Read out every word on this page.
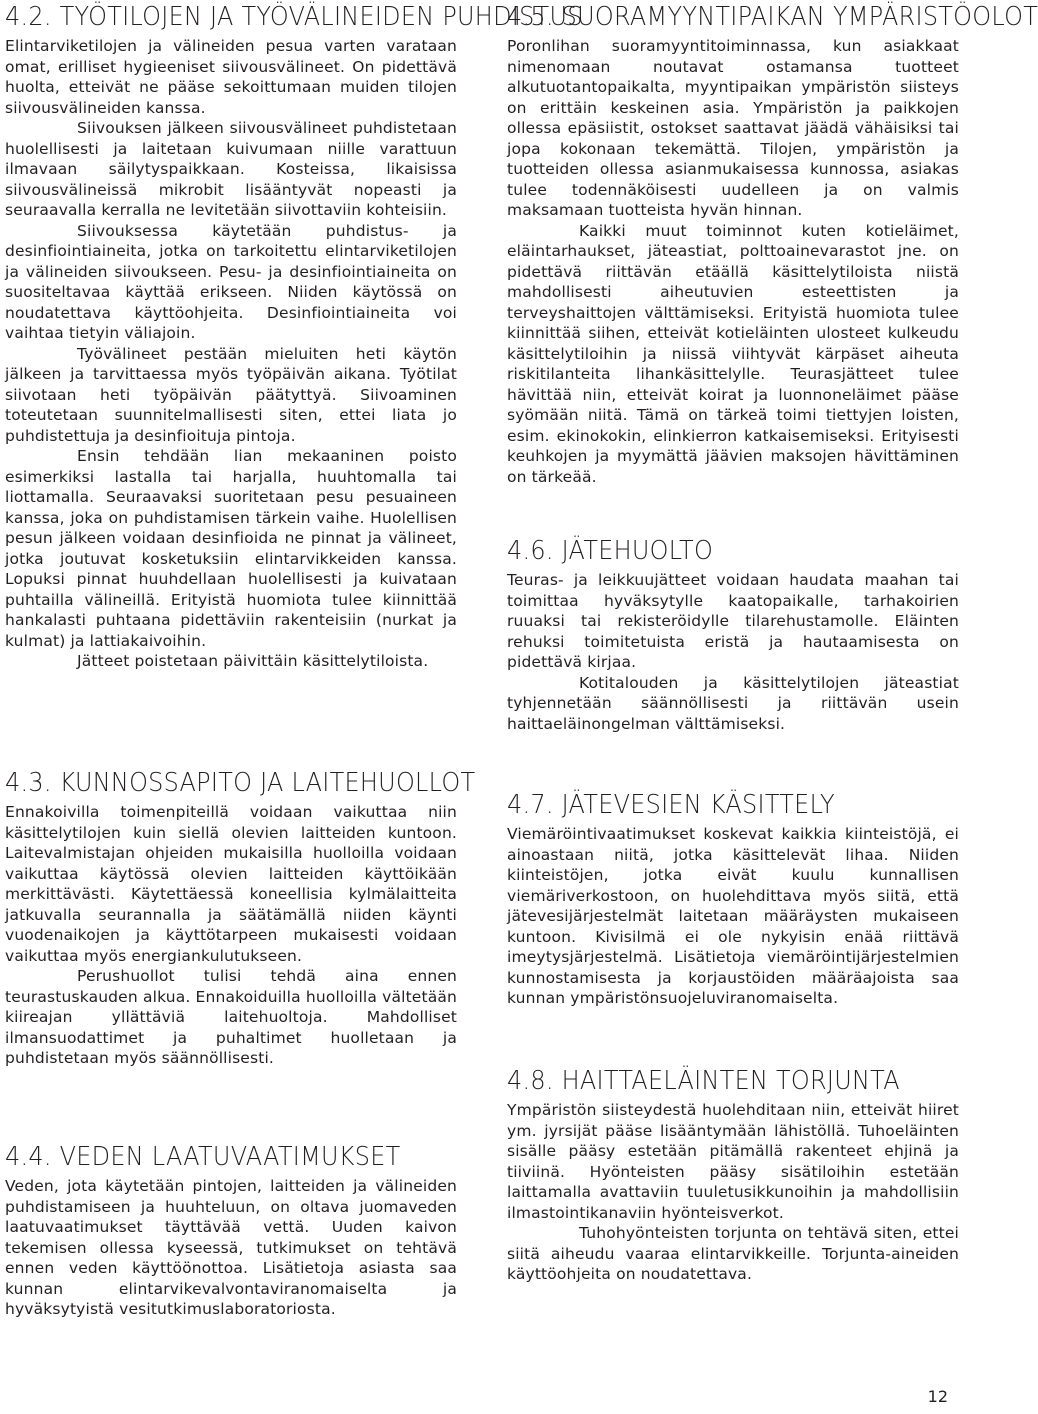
4.2. TYÖTILOJEN JA TYÖVÄLINEIDEN PUHDISTUS

Elintarviketilojen ja välineiden pesua varten varataan omat, erilliset hygieeniset siivousvälineet. On pidettävä huolta, etteivät ne pääse sekoittumaan muiden tilojen siivousvälineiden kanssa.

Siivouksen jälkeen siivousvälineet puhdistetaan huolellisesti ja laitetaan kuivumaan niille varattuun ilmavaan säilytyspaikkaan. Kosteissa, likaisissa siivousvälineissä mikrobit lisääntyvät nopeasti ja seuraavalla kerralla ne levitetään siivottaviin kohteisiin.

Siivouksessa käytetään puhdistus- ja desinfiointiaineita, jotka on tarkoitettu elintarviketilojen ja välineiden siivoukseen. Pesu- ja desinfiointiaineita on suositeltavaa käyttää erikseen. Niiden käytössä on noudatettava käyttöohjeita. Desinfiointiaineita voi vaihtaa tietyin väliajoin.

Työvälineet pestään mieluiten heti käytön jälkeen ja tarvittaessa myös työpäivän aikana. Työtilat siivotaan heti työpäivän päätyttyä. Siivoaminen toteutetaan suunnitelmallisesti siten, ettei liata jo puhdistettuja ja desinfioituja pintoja.

Ensin tehdään lian mekaaninen poisto esimerkiksi lastalla tai harjalla, huuhtomalla tai liottamalla. Seuraavaksi suoritetaan pesu pesuaineen kanssa, joka on puhdistamisen tärkein vaihe. Huolellisen pesun jälkeen voidaan desinfioida ne pinnat ja välineet, jotka joutuvat kosketuksiin elintarvikkeiden kanssa. Lopuksi pinnat huuhdellaan huolellisesti ja kuivataan puhtailla välineillä. Erityistä huomiota tulee kiinnittää hankalasti puhtaana pidettäviin rakenteisiin (nurkat ja kulmat) ja lattiakaivoihin.

Jätteet poistetaan päivittäin käsittelytiloista.

4.3. KUNNOSSAPITO JA LAITEHUOLLOT

Ennakoivilla toimenpiteillä voidaan vaikuttaa niin käsittelytilojen kuin siellä olevien laitteiden kuntoon. Laitevalmistajan ohjeiden mukaisilla huolloilla voidaan vaikuttaa käytössä olevien laitteiden käyttöikään merkittävästi. Käytettäessä koneellisia kylmälaitteita jatkuvalla seurannalla ja säätämällä niiden käynti vuodenaikojen ja käyttötarpeen mukaisesti voidaan vaikuttaa myös energiankulutukseen.

Perushuollot tulisi tehdä aina ennen teurastuskauden alkua. Ennakoiduilla huolloilla vältetään kiireajan yllättäviä laitehuoltoja. Mahdolliset ilmansuodattimet ja puhaltimet huolletaan ja puhdistetaan myös säännöllisesti.

4.4. VEDEN LAATUVAATIMUKSET

Veden, jota käytetään pintojen, laitteiden ja välineiden puhdistamiseen ja huuhteluun, on oltava juomaveden laatuvaatimukset täyttävää vettä. Uuden kaivon tekemisen ollessa kyseessä, tutkimukset on tehtävä ennen veden käyttöönottoa. Lisätietoja asiasta saa kunnan elintarvikevalvontaviranomaiselta ja hyväksytyistä vesitutkimuslaboratoriosta.

4.5. SUORAMYYNTIPAIKAN YMPÄRISTÖOLOT

Poronlihan suoramyyntitoiminnassa, kun asiakkaat nimenomaan noutavat ostamansa tuotteet alkutuotantopaikalta, myyntipaikan ympäristön siisteys on erittäin keskeinen asia. Ympäristön ja paikkojen ollessa epäsiistit, ostokset saattavat jäädä vähäisiksi tai jopa kokonaan tekemättä. Tilojen, ympäristön ja tuotteiden ollessa asianmukaisessa kunnossa, asiakas tulee todennäköisesti uudelleen ja on valmis maksamaan tuotteista hyvän hinnan.

Kaikki muut toiminnot kuten kotieläimet, eläintarhaukset, jäteastiat, polttoainevarastot jne. on pidettävä riittävän etäällä käsittelytiloista niistä mahdollisesti aiheutuvien esteettisten ja terveyshaittojen välttämiseksi. Erityistä huomiota tulee kiinnittää siihen, etteivät kotieläinten ulosteet kulkeudu käsittelytiloihin ja niissä viihtyvät kärpäset aiheuta riskitilanteita lihankäsittelylle. Teurasjätteet tulee hävittää niin, etteivät koirat ja luonnoneläimet pääse syömään niitä. Tämä on tärkeä toimi tiettyjen loisten, esim. ekinokokin, elinkierron katkaisemiseksi. Erityisesti keuhkojen ja myymättä jäävien maksojen hävittäminen on tärkeää.

4.6. JÄTEHUOLTO

Teuras- ja leikkuujätteet voidaan haudata maahan tai toimittaa hyväksytylle kaatopaikalle, tarhakoirien ruuaksi tai rekisteröidylle tilarehustamolle. Eläinten rehuksi toimitetuista eristä ja hautaamisesta on pidettävä kirjaa.

Kotitalouden ja käsittelytilojen jäteastiat tyhjennetään säännöllisesti ja riittävän usein haittaeläinongelman välttämiseksi.

4.7. JÄTEVESIEN KÄSITTELY

Viemäröintivaatimukset koskevat kaikkia kiinteistöjä, ei ainoastaan niitä, jotka käsittelevät lihaa. Niiden kiinteistöjen, jotka eivät kuulu kunnallisen viemäriverkostoon, on huolehdittava myös siitä, että jätevesijärjestelmät laitetaan määräysten mukaiseen kuntoon. Kivisilmä ei ole nykyisin enää riittävä imeytysjärjestelmä. Lisätietoja viemäröintijärjestelmien kunnostamisesta ja korjaustöiden määräajoista saa kunnan ympäristönsuojeluviranomaiselta.

4.8. HAITTAELÄINTEN TORJUNTA

Ympäristön siisteydestä huolehditaan niin, etteivät hiiret ym. jyrsijät pääse lisääntymään lähistöllä. Tuhoeläinten sisälle pääsy estetään pitämällä rakenteet ehjinä ja tiiviinä. Hyönteisten pääsy sisätiloihin estetään laittamalla avattaviin tuuletusikkunoihin ja mahdollisiin ilmastointikanaviin hyönteisverkot.

Tuhohyönteisten torjunta on tehtävä siten, ettei siitä aiheudu vaaraa elintarvikkeille. Torjunta-aineiden käyttöohjeita on noudatettava.

12
